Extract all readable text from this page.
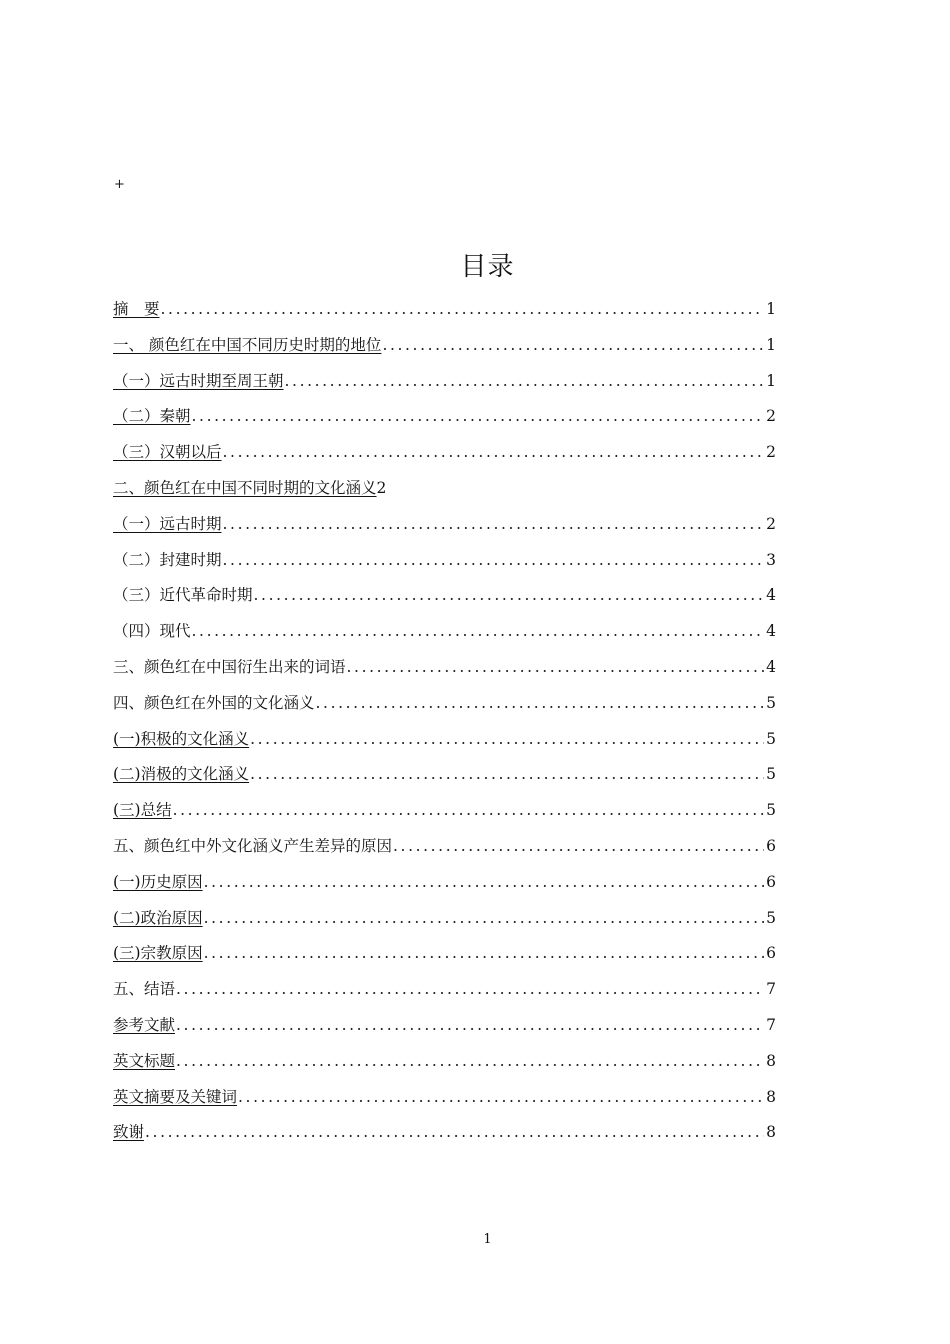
+
目录
摘　要 .....	1
一、 颜色红在中国不同历史时期的地位 .....	1
（一）远古时期至周王朝 .....	1
（二）秦朝 .....	2
（三）汉朝以后 .....	2
二、颜色红在中国不同时期的文化涵义 2
（一）远古时期 .....	2
（二）封建时期 .....	3
（三）近代革命时期 .....	4
（四）现代 .....	4
三、颜色红在中国衍生出来的词语 .....	4
四、颜色红在外国的文化涵义 .....	5
(一)积极的文化涵义 .....	5
(二)消极的文化涵义 .....	5
(三)总结 .....	5
五、颜色红中外文化涵义产生差异的原因 .....	6
(一)历史原因 .....	6
(二)政治原因 .....	5
(三)宗教原因 .....	6
五、结语 .....	7
参考文献 .....	7
英文标题 .....	8
英文摘要及关键词 .....	8
致谢 .....	8
1
